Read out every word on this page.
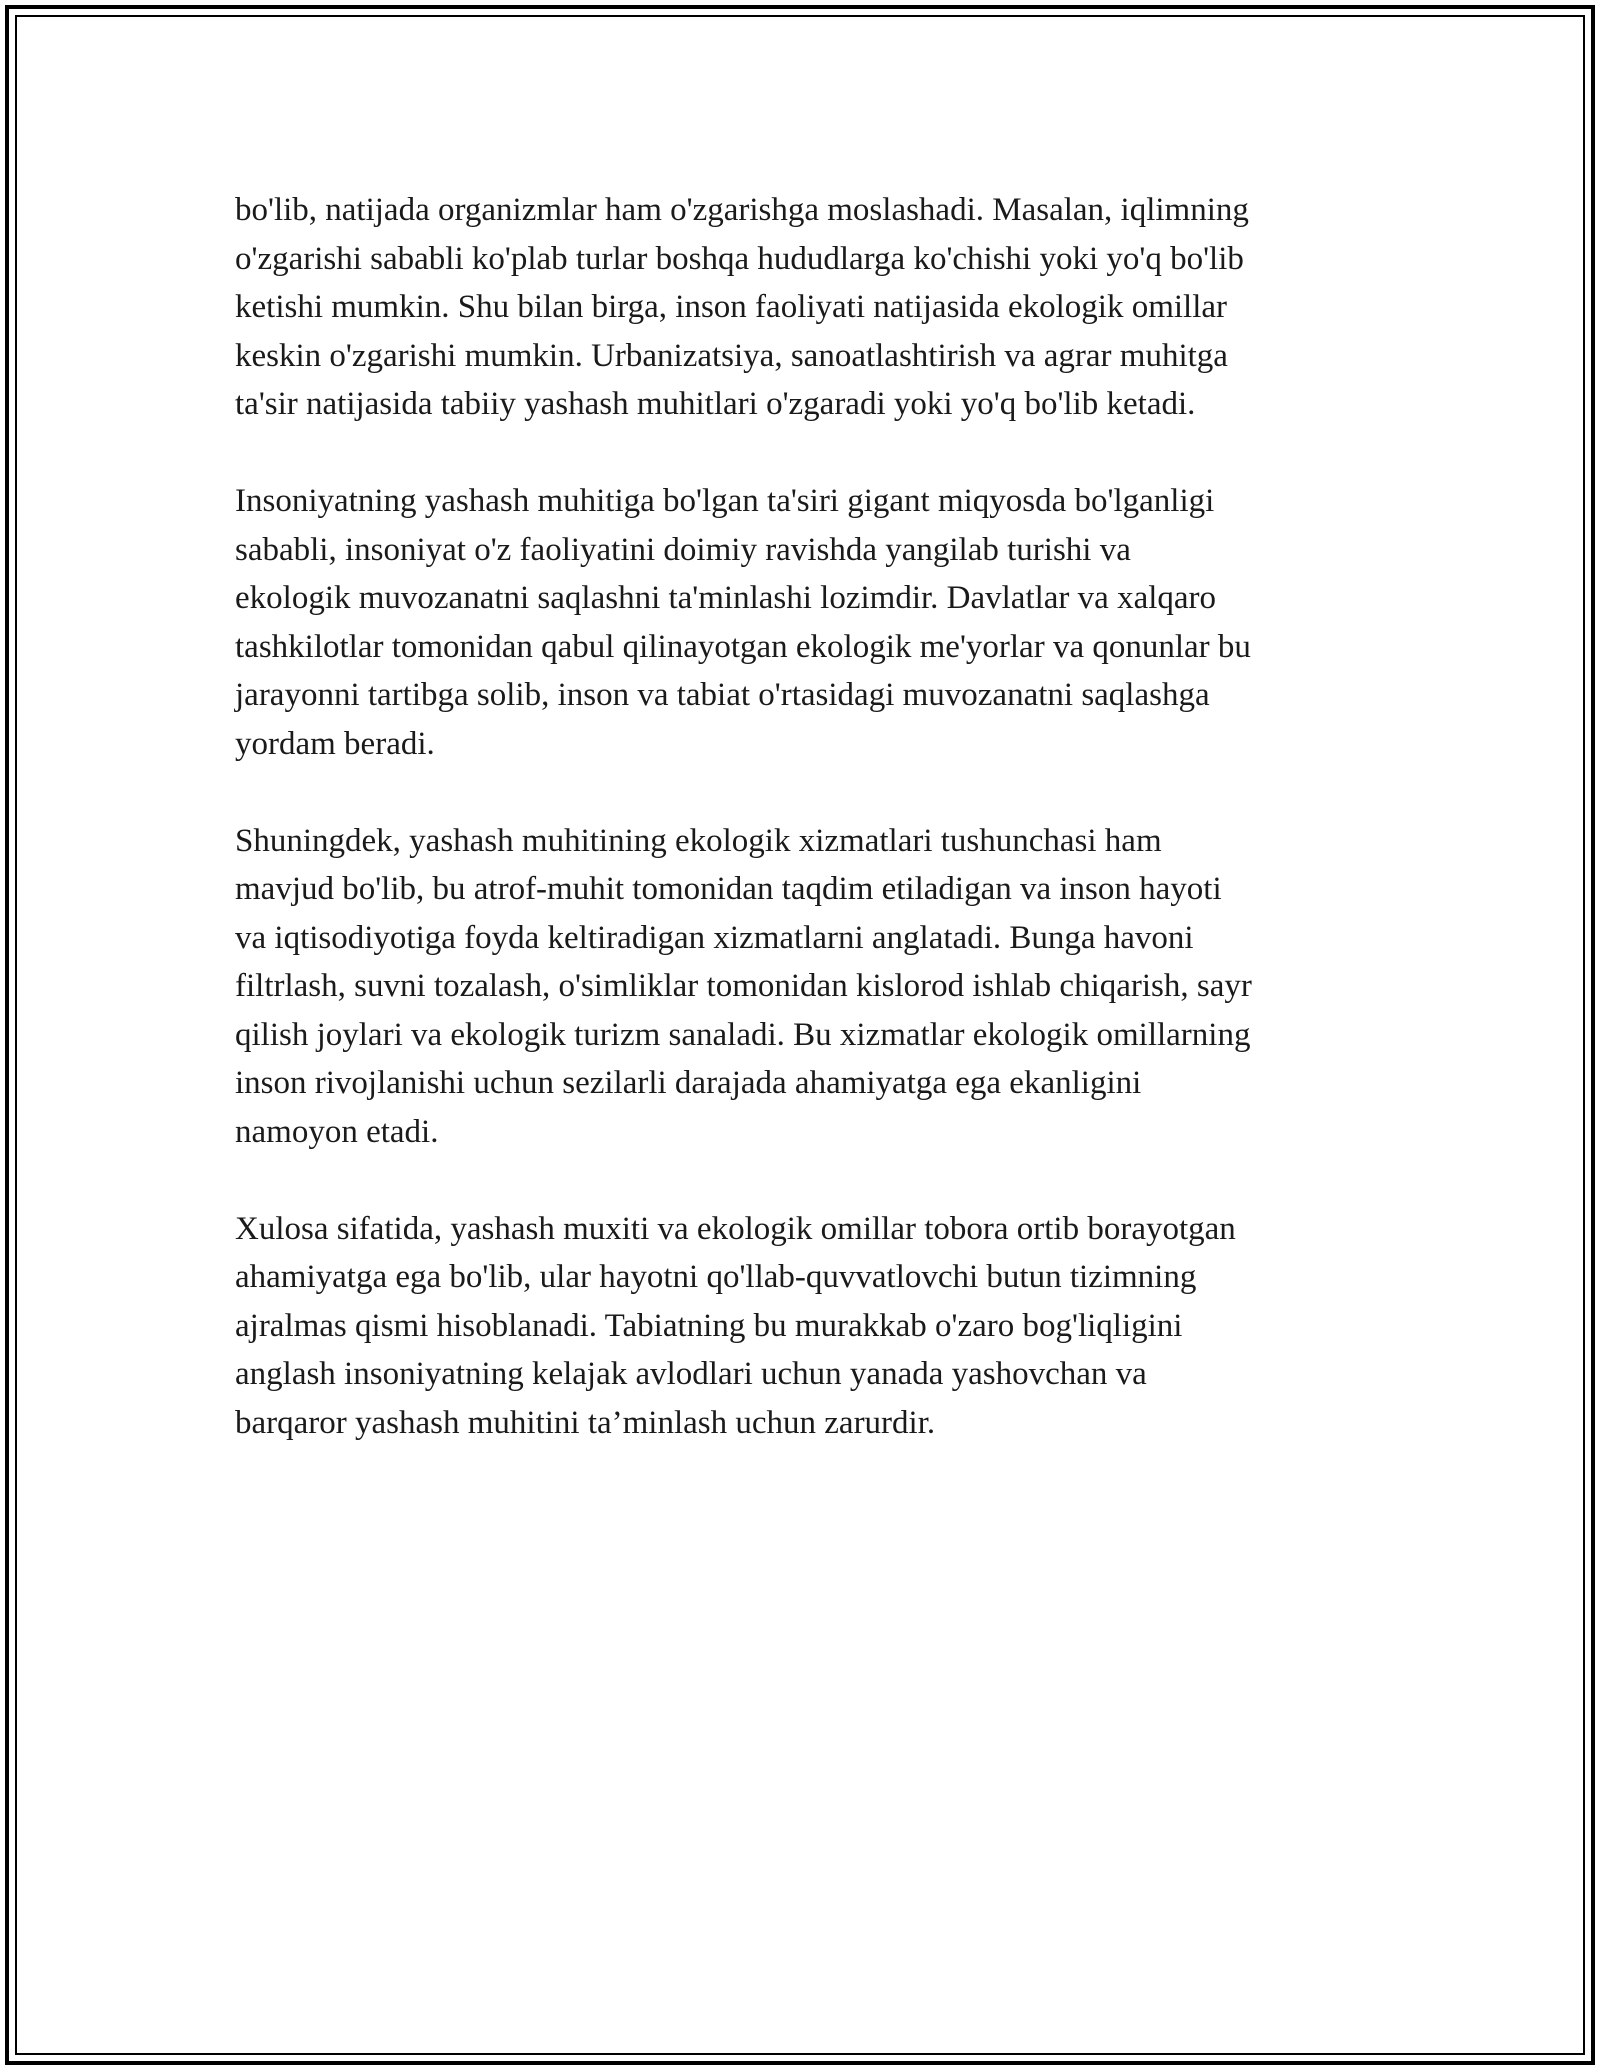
bo'lib, natijada organizmlar ham o'zgarishga moslashadi. Masalan, iqlimning
o'zgarishi sababli ko'plab turlar boshqa hududlarga ko'chishi yoki yo'q bo'lib
ketishi mumkin. Shu bilan birga, inson faoliyati natijasida ekologik omillar
keskin o'zgarishi mumkin. Urbanizatsiya, sanoatlashtirish va agrar muhitga
ta'sir natijasida tabiiy yashash muhitlari o'zgaradi yoki yo'q bo'lib ketadi.

Insoniyatning yashash muhitiga bo'lgan ta'siri gigant miqyosda bo'lganligi
sababli, insoniyat o'z faoliyatini doimiy ravishda yangilab turishi va
ekologik muvozanatni saqlashni ta'minlashi lozimdir. Davlatlar va xalqaro
tashkilotlar tomonidan qabul qilinayotgan ekologik me'yorlar va qonunlar bu
jarayonni tartibga solib, inson va tabiat o'rtasidagi muvozanatni saqlashga
yordam beradi.

Shuningdek, yashash muhitining ekologik xizmatlari tushunchasi ham
mavjud bo'lib, bu atrof-muhit tomonidan taqdim etiladigan va inson hayoti
va iqtisodiyotiga foyda keltiradigan xizmatlarni anglatadi. Bunga havoni
filtrlash, suvni tozalash, o'simliklar tomonidan kislorod ishlab chiqarish, sayr
qilish joylari va ekologik turizm sanaladi. Bu xizmatlar ekologik omillarning
inson rivojlanishi uchun sezilarli darajada ahamiyatga ega ekanligini
namoyon etadi.

Xulosa sifatida, yashash muxiti va ekologik omillar tobora ortib borayotgan
ahamiyatga ega bo'lib, ular hayotni qo'llab-quvvatlovchi butun tizimning
ajralmas qismi hisoblanadi. Tabiatning bu murakkab o'zaro bog'liqligini
anglash insoniyatning kelajak avlodlari uchun yanada yashovchan va
barqaror yashash muhitini ta’minlash uchun zarurdir.
